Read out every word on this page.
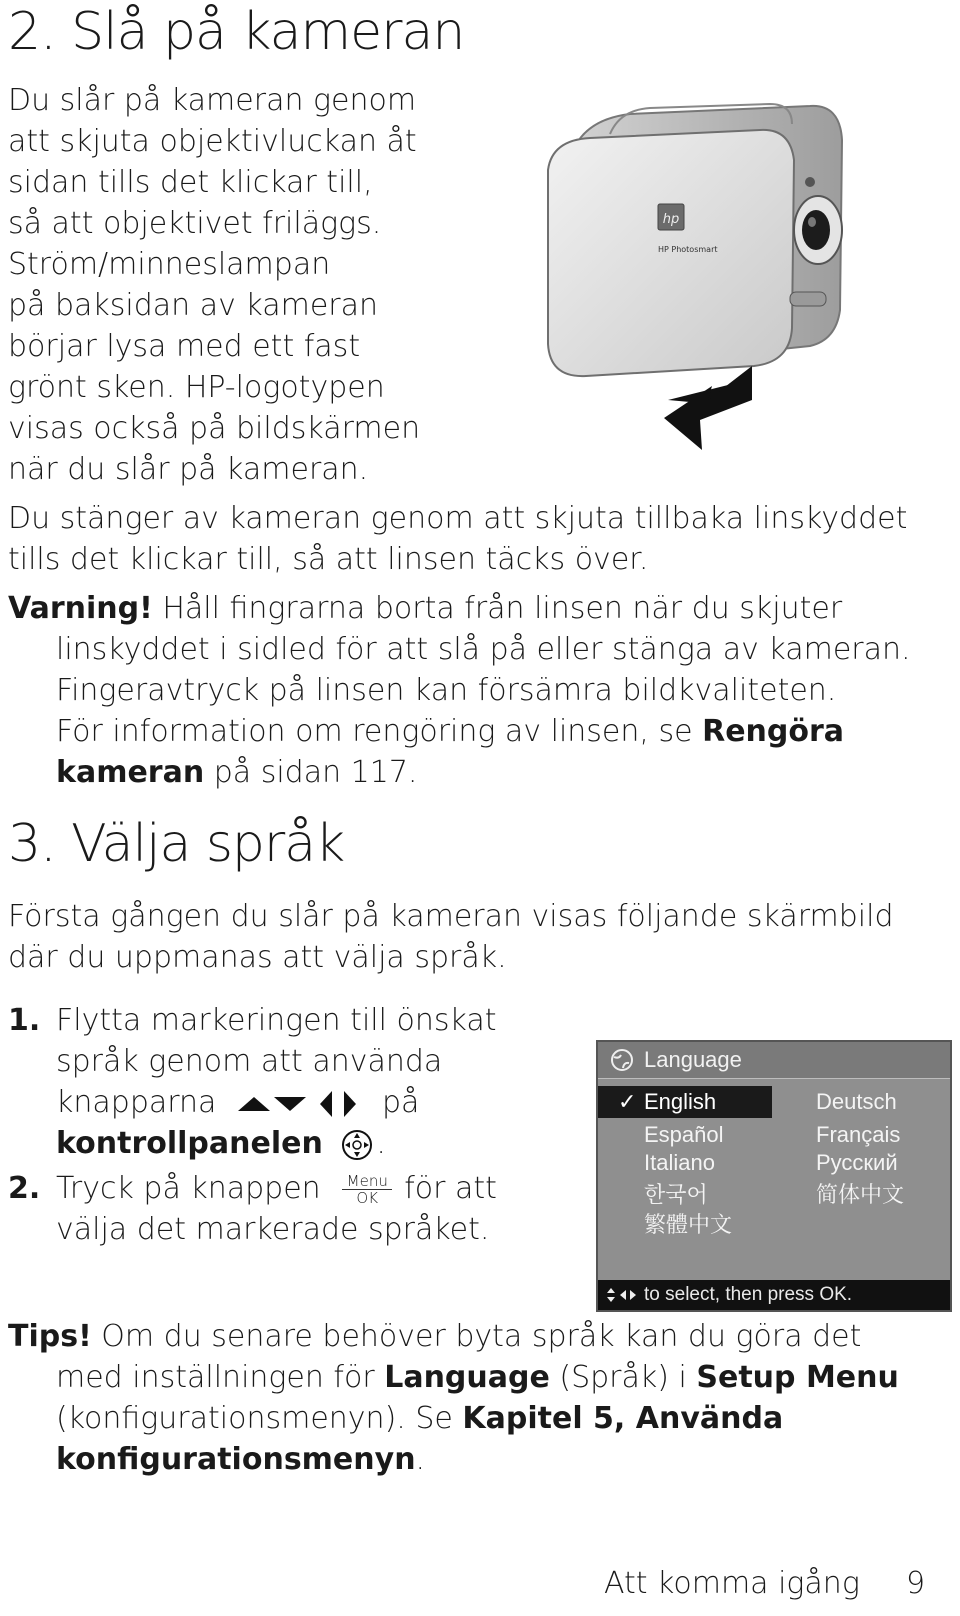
2. Slå på kameran
Du slår på kameran genom
att skjuta objektivluckan åt
sidan tills det klickar till,
så att objektivet friläggs.
Ström/minneslampan
på baksidan av kameran
börjar lysa med ett fast
grönt sken. HP-logotypen
visas också på bildskärmen
när du slår på kameran.
hp
HP Photosmart
Du stänger av kameran genom att skjuta tillbaka linskyddet
tills det klickar till, så att linsen täcks över.
Varning! Håll fingrarna borta från linsen när du skjuter
linskyddet i sidled för att slå på eller stänga av kameran.
Fingeravtryck på linsen kan försämra bildkvaliteten.
För information om rengöring av linsen, se Rengöra
kameran på sidan 117.
3. Välja språk
Första gången du slår på kameran visas följande skärmbild
där du uppmanas att välja språk.
1. Flytta markeringen till önskat
språk genom att använda
knapparna	på
kontrollpanelen .
2. Tryck på knappen Menu
OK för att
välja det markerade språket.
Language
✓ English
Español
Italiano
한국어
繁體中文
Deutsch
Français
Русский
简体中文
to select, then press OK.
Tips! Om du senare behöver byta språk kan du göra det
med inställningen för Language (Språk) i Setup Menu
(konfigurationsmenyn). Se Kapitel 5, Använda
konfigurationsmenyn.
Att komma igång 9
